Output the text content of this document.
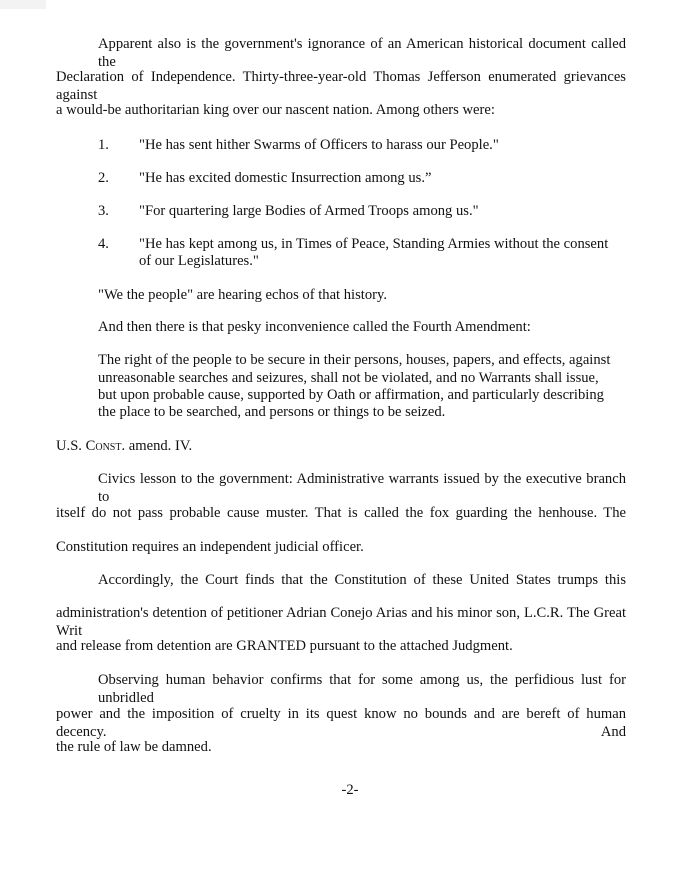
Apparent also is the government's ignorance of an American historical document called the

Declaration of Independence. Thirty-three-year-old Thomas Jefferson enumerated grievances against

a would-be authoritarian king over our nascent nation. Among others were:

1. "He has sent hither Swarms of Officers to harass our People."
2. "He has excited domestic Insurrection among us.”
3. "For quartering large Bodies of Armed Troops among us."
4. "He has kept among us, in Times of Peace, Standing Armies without the consent
of our Legislatures."

"We the people" are hearing echos of that history.

And then there is that pesky inconvenience called the Fourth Amendment:

The right of the people to be secure in their persons, houses, papers, and effects, against
unreasonable searches and seizures, shall not be violated, and no Warrants shall issue,
but upon probable cause, supported by Oath or affirmation, and particularly describing
the place to be searched, and persons or things to be seized.

U.S. Const. amend. IV.

Civics lesson to the government: Administrative warrants issued by the executive branch to

itself do not pass probable cause muster. That is called the fox guarding the henhouse. The

Constitution requires an independent judicial officer.

Accordingly, the Court finds that the Constitution of these United States trumps this

administration's detention of petitioner Adrian Conejo Arias and his minor son, L.C.R. The Great Writ

and release from detention are GRANTED pursuant to the attached Judgment.

Observing human behavior confirms that for some among us, the perfidious lust for unbridled

power and the imposition of cruelty in its quest know no bounds and are bereft of human decency. And

the rule of law be damned.

-2-
